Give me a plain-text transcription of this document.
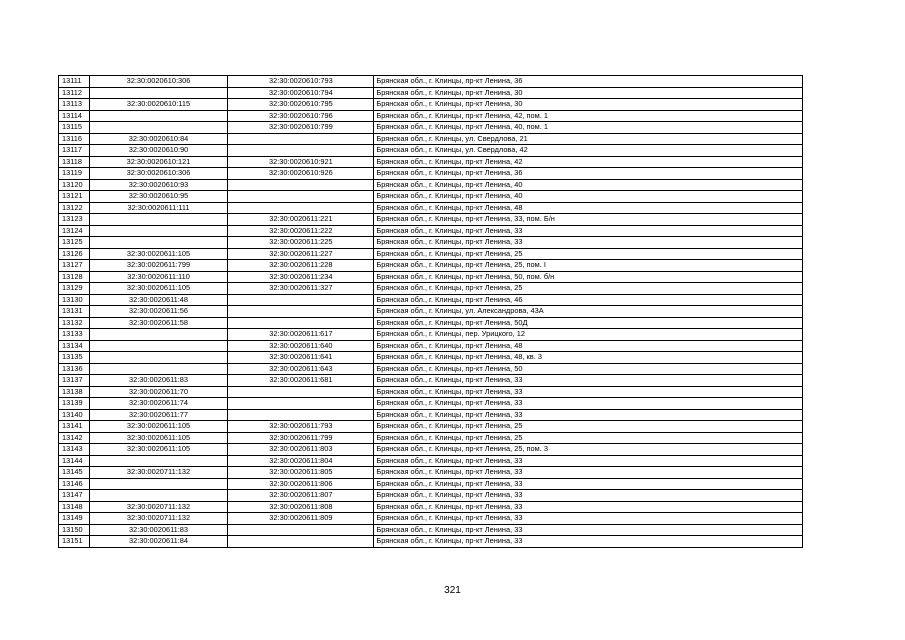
13111	32:30:0020610:306	32:30:0020610:793	Брянская обл., г. Клинцы, пр-кт Ленина, 36
13112		32:30:0020610:794	Брянская обл., г. Клинцы, пр-кт Ленина, 30
13113	32:30:0020610:115	32:30:0020610:795	Брянская обл., г. Клинцы, пр-кт Ленина, 30
13114		32:30:0020610:796	Брянская обл., г. Клинцы, пр-кт Ленина, 42, пом. 1
13115		32:30:0020610:799	Брянская обл., г. Клинцы, пр-кт Ленина, 40, пом. 1
13116	32:30:0020610:84		Брянская обл., г. Клинцы, ул. Свердлова, 21
13117	32:30:0020610:90		Брянская обл., г. Клинцы, ул. Свердлова, 42
13118	32:30:0020610:121	32:30:0020610:921	Брянская обл., г. Клинцы, пр-кт Ленина, 42
13119	32:30:0020610:306	32:30:0020610:926	Брянская обл., г. Клинцы, пр-кт Ленина, 36
13120	32:30:0020610:93		Брянская обл., г. Клинцы, пр-кт Ленина, 40
13121	32:30:0020610:95		Брянская обл., г. Клинцы, пр-кт Ленина, 40
13122	32:30:0020611:111		Брянская обл., г. Клинцы, пр-кт Ленина, 48
13123		32:30:0020611:221	Брянская обл., г. Клинцы, пр-кт Ленина, 33, пом. Б/н
13124		32:30:0020611:222	Брянская обл., г. Клинцы, пр-кт Ленина, 33
13125		32:30:0020611:225	Брянская обл., г. Клинцы, пр-кт Ленина, 33
13126	32:30:0020611:105	32:30:0020611:227	Брянская обл., г. Клинцы, пр-кт Ленина, 25
13127	32:30:0020611:799	32:30:0020611:228	Брянская обл., г. Клинцы, пр-кт Ленина, 25, пом. I
13128	32:30:0020611:110	32:30:0020611:234	Брянская обл., г. Клинцы, пр-кт Ленина, 50, пом. б/н
13129	32:30:0020611:105	32:30:0020611:327	Брянская обл., г. Клинцы, пр-кт Ленина, 25
13130	32:30:0020611:48		Брянская обл., г. Клинцы, пр-кт Ленина, 46
13131	32:30:0020611:56		Брянская обл., г. Клинцы, ул. Александрова, 43А
13132	32:30:0020611:58		Брянская обл., г. Клинцы, пр-кт Ленина, 50Д
13133		32:30:0020611:617	Брянская обл., г. Клинцы, пер. Урицкого, 12
13134		32:30:0020611:640	Брянская обл., г. Клинцы, пр-кт Ленина, 48
13135		32:30:0020611:641	Брянская обл., г. Клинцы, пр-кт Ленина, 48, кв. 3
13136		32:30:0020611:643	Брянская обл., г. Клинцы, пр-кт Ленина, 50
13137	32:30:0020611:83	32:30:0020611:681	Брянская обл., г. Клинцы, пр-кт Ленина, 33
13138	32:30:0020611:70		Брянская обл., г. Клинцы, пр-кт Ленина, 33
13139	32:30:0020611:74		Брянская обл., г. Клинцы, пр-кт Ленина, 33
13140	32:30:0020611:77		Брянская обл., г. Клинцы, пр-кт Ленина, 33
13141	32:30:0020611:105	32:30:0020611:793	Брянская обл., г. Клинцы, пр-кт Ленина, 25
13142	32:30:0020611:105	32:30:0020611:799	Брянская обл., г. Клинцы, пр-кт Ленина, 25
13143	32:30:0020611:105	32:30:0020611:803	Брянская обл., г. Клинцы, пр-кт Ленина, 25, пом. 3
13144		32:30:0020611:804	Брянская обл., г. Клинцы, пр-кт Ленина, 33
13145	32:30:0020711:132	32:30:0020611:805	Брянская обл., г. Клинцы, пр-кт Ленина, 33
13146		32:30:0020611:806	Брянская обл., г. Клинцы, пр-кт Ленина, 33
13147		32:30:0020611:807	Брянская обл., г. Клинцы, пр-кт Ленина, 33
13148	32:30:0020711:132	32:30:0020611:808	Брянская обл., г. Клинцы, пр-кт Ленина, 33
13149	32:30:0020711:132	32:30:0020611:809	Брянская обл., г. Клинцы, пр-кт Ленина, 33
13150	32:30:0020611:83		Брянская обл., г. Клинцы, пр-кт Ленина, 33
13151	32:30:0020611:84		Брянская обл., г. Клинцы, пр-кт Ленина, 33
321
